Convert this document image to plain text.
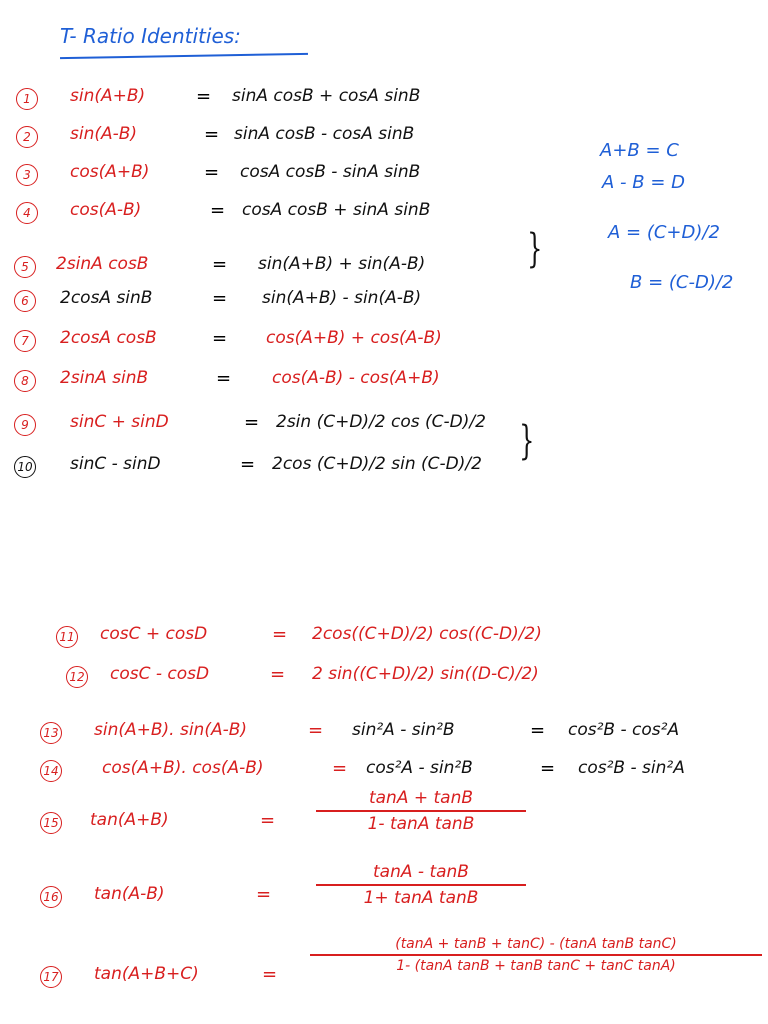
T- Ratio Identities:
1	sin(A+B)	= sinA cosB + cosA sinB
2	sin(A-B)	= sinA cosB - cosA sinB
3	cos(A+B)	= cosA cosB - sinA sinB
4	cos(A-B)	= cosA cosB + sinA sinB
5	2sinA cosB	= sin(A+B) + sin(A-B)
6	2cosA sinB	= sin(A+B) - sin(A-B)
7	2cosA cosB	= cos(A+B) + cos(A-B)
8	2sinA sinB	= cos(A-B) - cos(A+B)
9	sinC + sinD	= 2sin (C+D)/2 cos (C-D)/2
10 sinC - sinD	= 2cos (C+D)/2 sin (C-D)/2
}
}
A+B = C
A - B = D
A = (C+D)/2
B = (C-D)/2
11 cosC + cosD	= 2cos((C+D)/2) cos((C-D)/2)
12 cosC - cosD	= 2 sin((C+D)/2) sin((D-C)/2)
13 sin(A+B). sin(A-B)	= sin²A - sin²B	= cos²B - cos²A
14	cos(A+B). cos(A-B)	= cos²A - sin²B	= cos²B - sin²A
15 tan(A+B)	=
tanA + tanB
1- tanA tanB
16 tan(A-B)	=
tanA - tanB
1+ tanA tanB
17 tan(A+B+C)	=
(tanA + tanB + tanC) - (tanA tanB tanC)
1- (tanA tanB + tanB tanC + tanC tanA)
